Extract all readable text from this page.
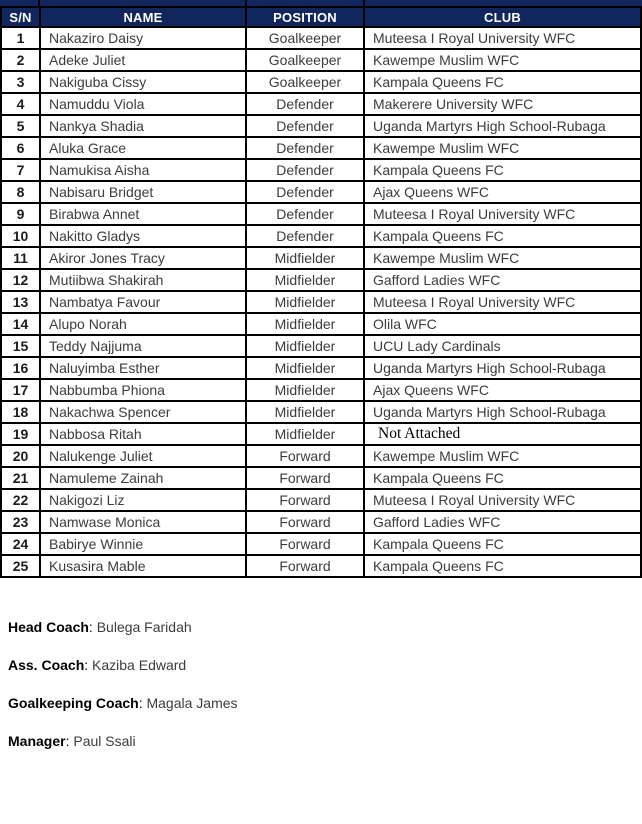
S/N	NAME	POSITION	CLUB
1	Nakaziro Daisy	Goalkeeper	Muteesa I Royal University WFC
2	Adeke Juliet	Goalkeeper	Kawempe Muslim WFC
3	Nakiguba Cissy	Goalkeeper	Kampala Queens FC
4	Namuddu Viola	Defender	Makerere University WFC
5	Nankya Shadia	Defender	Uganda Martyrs High School-Rubaga
6	Aluka Grace	Defender	Kawempe Muslim WFC
7	Namukisa Aisha	Defender	Kampala Queens FC
8	Nabisaru Bridget	Defender	Ajax Queens WFC
9	Birabwa Annet	Defender	Muteesa I Royal University WFC
10	Nakitto Gladys	Defender	Kampala Queens FC
11	Akiror Jones Tracy	Midfielder	Kawempe Muslim WFC
12	Mutiibwa Shakirah	Midfielder	Gafford Ladies WFC
13	Nambatya Favour	Midfielder	Muteesa I Royal University WFC
14	Alupo Norah	Midfielder	Olila WFC
15	Teddy Najjuma	Midfielder	UCU Lady Cardinals
16	Naluyimba Esther	Midfielder	Uganda Martyrs High School-Rubaga
17	Nabbumba Phiona	Midfielder	Ajax Queens WFC
18	Nakachwa Spencer	Midfielder	Uganda Martyrs High School-Rubaga
19	Nabbosa Ritah	Midfielder	Not Attached
20	Nalukenge Juliet	Forward	Kawempe Muslim WFC
21	Namuleme Zainah	Forward	Kampala Queens FC
22	Nakigozi Liz	Forward	Muteesa I Royal University WFC
23	Namwase Monica	Forward	Gafford Ladies WFC
24	Babirye Winnie	Forward	Kampala Queens FC
25	Kusasira Mable	Forward	Kampala Queens FC
Head Coach: Bulega Faridah
Ass. Coach: Kaziba Edward
Goalkeeping Coach: Magala James
Manager: Paul Ssali
